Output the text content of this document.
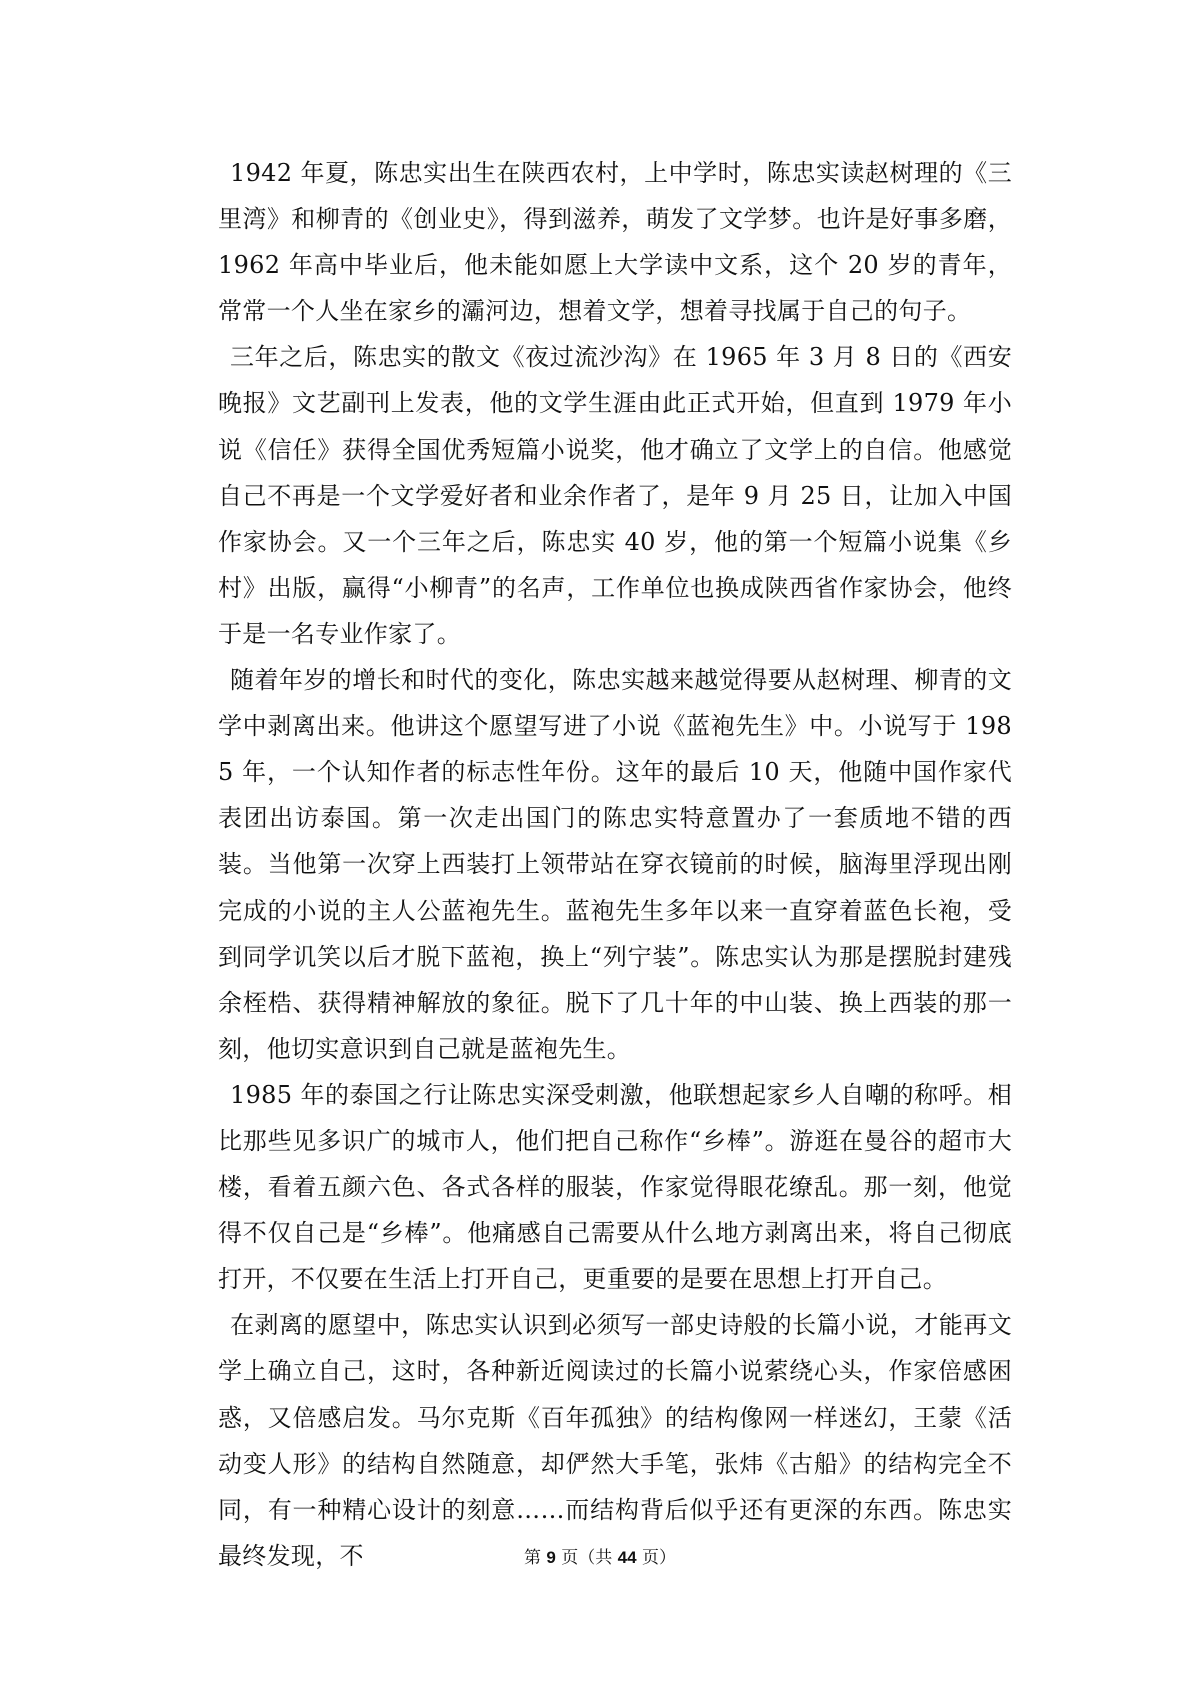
1942 年夏，陈忠实出生在陕西农村，上中学时，陈忠实读赵树理的《三里湾》和柳青的《创业史》，得到滋养，萌发了文学梦。也许是好事多磨，1962 年高中毕业后，他未能如愿上大学读中文系，这个 20 岁的青年，常常一个人坐在家乡的灞河边，想着文学，想着寻找属于自己的句子。

三年之后，陈忠实的散文《夜过流沙沟》在 1965 年 3 月 8 日的《西安晚报》文艺副刊上发表，他的文学生涯由此正式开始，但直到 1979 年小说《信任》获得全国优秀短篇小说奖，他才确立了文学上的自信。他感觉自己不再是一个文学爱好者和业余作者了，是年 9 月 25 日，让加入中国作家协会。又一个三年之后，陈忠实 40 岁，他的第一个短篇小说集《乡村》出版，赢得“小柳青”的名声，工作单位也换成陕西省作家协会，他终于是一名专业作家了。

随着年岁的增长和时代的变化，陈忠实越来越觉得要从赵树理、柳青的文学中剥离出来。他讲这个愿望写进了小说《蓝袍先生》中。小说写于 1985 年，一个认知作者的标志性年份。这年的最后 10 天，他随中国作家代表团出访泰国。第一次走出国门的陈忠实特意置办了一套质地不错的西装。当他第一次穿上西装打上领带站在穿衣镜前的时候，脑海里浮现出刚完成的小说的主人公蓝袍先生。蓝袍先生多年以来一直穿着蓝色长袍，受到同学讥笑以后才脱下蓝袍，换上“列宁装”。陈忠实认为那是摆脱封建残余桎梏、获得精神解放的象征。脱下了几十年的中山装、换上西装的那一刻，他切实意识到自己就是蓝袍先生。

1985 年的泰国之行让陈忠实深受刺激，他联想起家乡人自嘲的称呼。相比那些见多识广的城市人，他们把自己称作“乡棒”。游逛在曼谷的超市大楼，看着五颜六色、各式各样的服装，作家觉得眼花缭乱。那一刻，他觉得不仅自己是“乡棒”。他痛感自己需要从什么地方剥离出来，将自己彻底打开，不仅要在生活上打开自己，更重要的是要在思想上打开自己。

在剥离的愿望中，陈忠实认识到必须写一部史诗般的长篇小说，才能再文学上确立自己，这时，各种新近阅读过的长篇小说萦绕心头，作家倍感困惑，又倍感启发。马尔克斯《百年孤独》的结构像网一样迷幻，王蒙《活动变人形》的结构自然随意，却俨然大手笔，张炜《古船》的结构完全不同，有一种精心设计的刻意……而结构背后似乎还有更深的东西。陈忠实最终发现，不	第 9 页（共 44 页）
